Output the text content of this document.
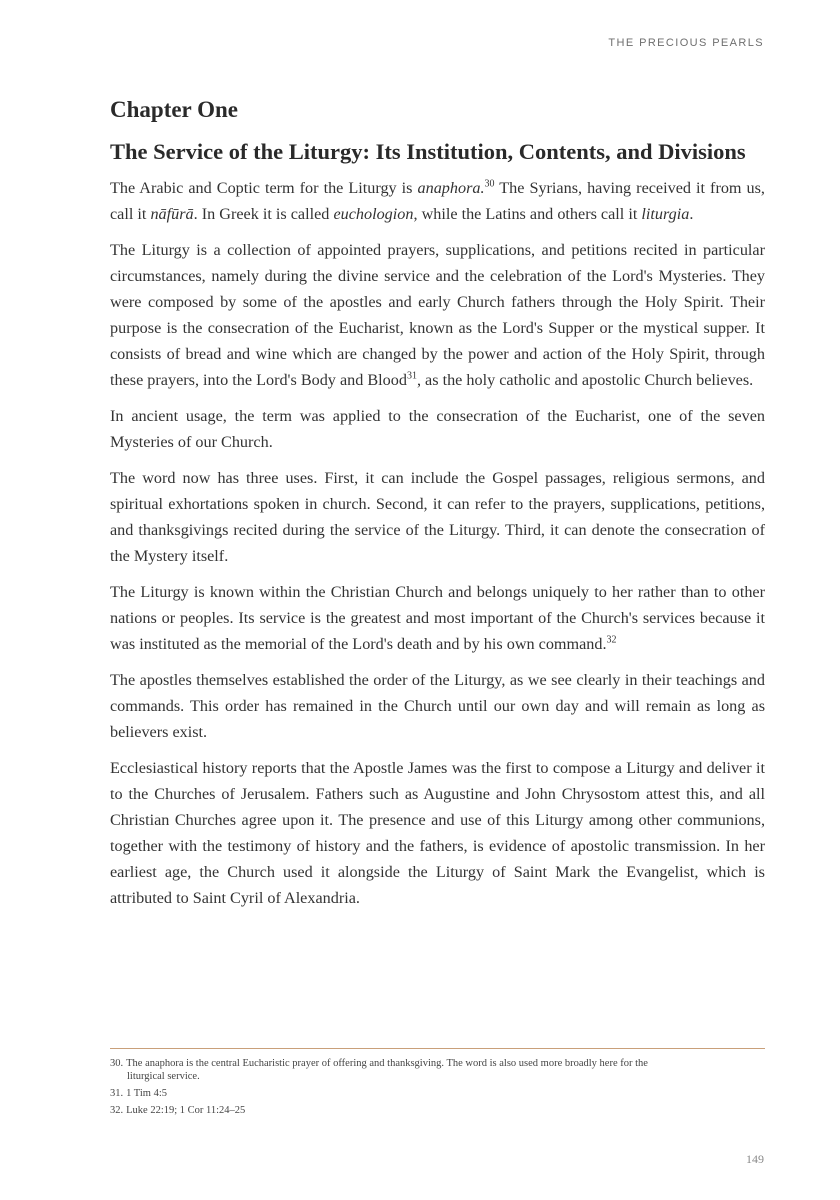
THE PRECIOUS PEARLS
Chapter One
The Service of the Liturgy: Its Institution, Contents, and Divisions

The Arabic and Coptic term for the Liturgy is anaphora.$^{30}$ The Syrians, having received it from us, call it nāfūrā. In Greek it is called euchologion, while the Latins and others call it liturgia.

The Liturgy is a collection of appointed prayers, supplications, and petitions recited in particular circumstances, namely during the divine service and the celebration of the Lord's Mysteries. They were composed by some of the apostles and early Church fathers through the Holy Spirit. Their purpose is the consecration of the Eucharist, known as the Lord's Supper or the mystical supper. It consists of bread and wine which are changed by the power and action of the Holy Spirit, through these prayers, into the Lord's Body and Blood$^{31}$, as the holy catholic and apostolic Church believes.

In ancient usage, the term was applied to the consecration of the Eucharist, one of the seven Mysteries of our Church.

The word now has three uses. First, it can include the Gospel passages, religious sermons, and spiritual exhortations spoken in church. Second, it can refer to the prayers, supplications, petitions, and thanksgivings recited during the service of the Liturgy. Third, it can denote the consecration of the Mystery itself.

The Liturgy is known within the Christian Church and belongs uniquely to her rather than to other nations or peoples. Its service is the greatest and most important of the Church's services because it was instituted as the memorial of the Lord's death and by his own command.$^{32}$

The apostles themselves established the order of the Liturgy, as we see clearly in their teachings and commands. This order has remained in the Church until our own day and will remain as long as believers exist.

Ecclesiastical history reports that the Apostle James was the first to compose a Liturgy and deliver it to the Churches of Jerusalem. Fathers such as Augustine and John Chrysostom attest this, and all Christian Churches agree upon it. The presence and use of this Liturgy among other communions, together with the testimony of history and the fathers, is evidence of apostolic transmission. In her earliest age, the Church used it alongside the Liturgy of Saint Mark the Evangelist, which is attributed to Saint Cyril of Alexandria.

30. The anaphora is the central Eucharistic prayer of offering and thanksgiving. The word is also used more broadly here for the
liturgical service.
31. 1 Tim 4:5
32. Luke 22:19; 1 Cor 11:24–25
149
